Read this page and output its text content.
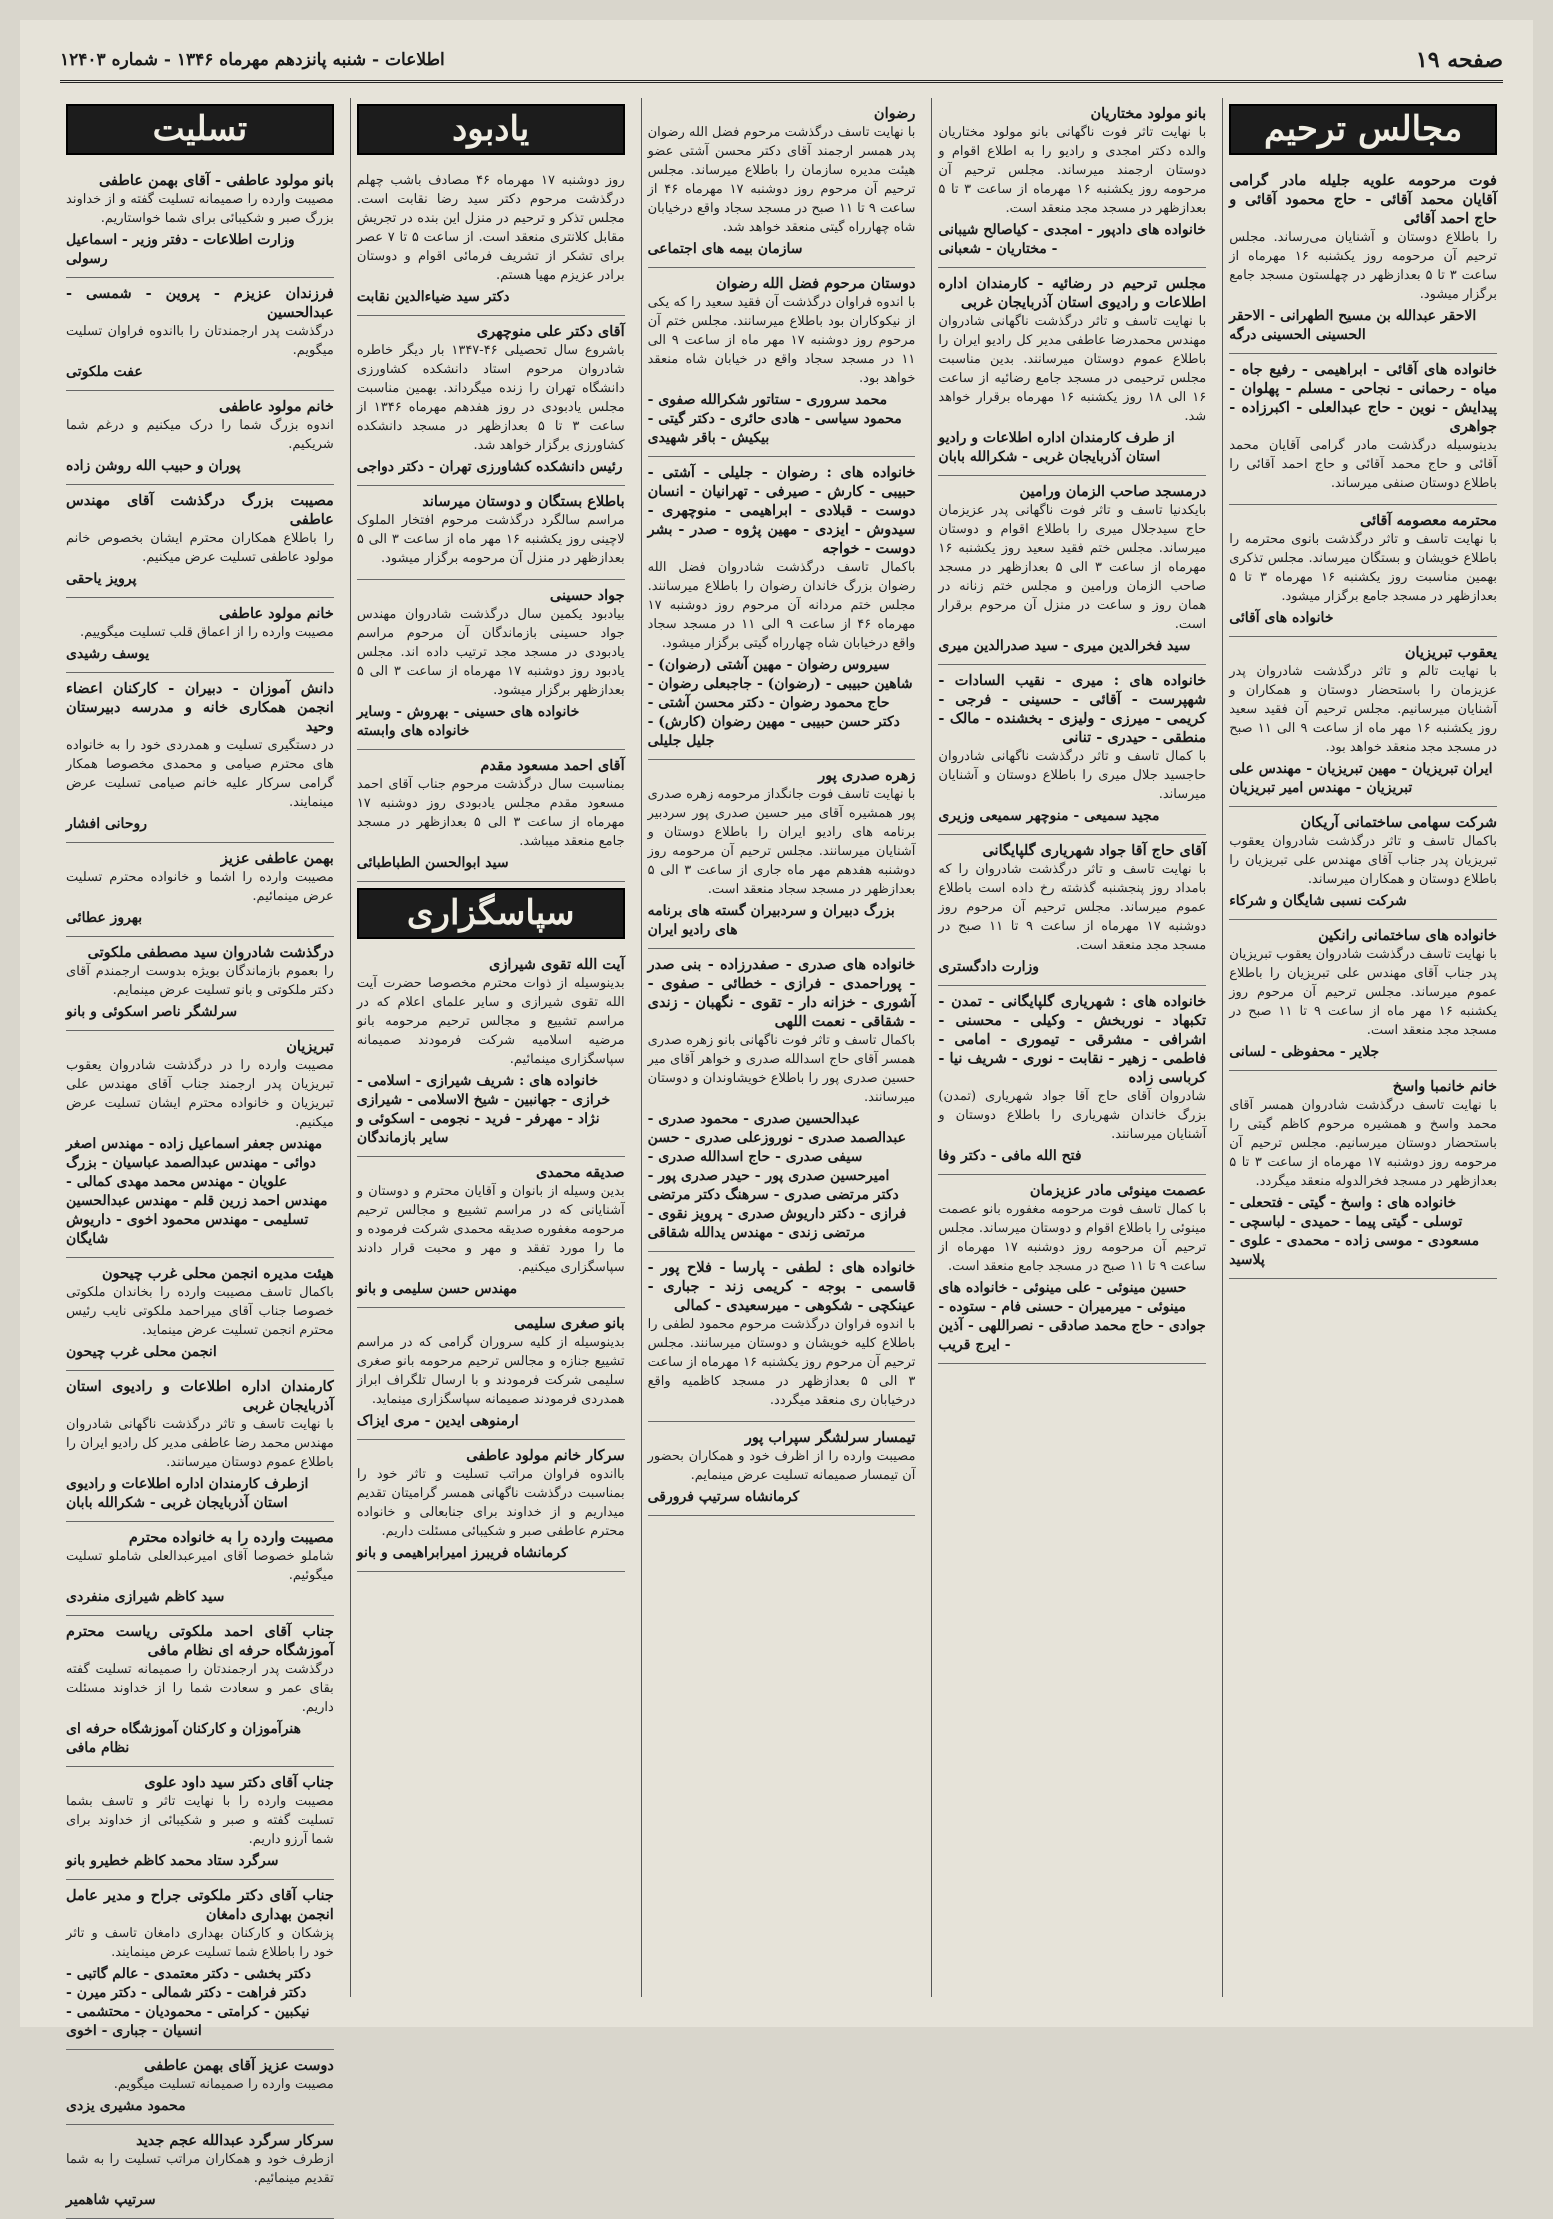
صفحه ۱۹
اطلاعات - شنبه پانزدهم مهرماه ۱۳۴۶ - شماره ۱۲۴۰۳
مجالس ترحیم
فوت مرحومه علویه جلیله مادر گرامی آقایان محمد آقائی - حاج محمود آقائی و حاج احمد آقائی
را باطلاع دوستان و آشنایان می‌رساند. مجلس ترحیم آن مرحومه روز یکشنبه ۱۶ مهرماه از ساعت ۳ تا ۵ بعدازظهر در چهلستون مسجد جامع برگزار میشود.
الاحقر عبدالله بن مسیح الطهرانی - الاحقر الحسینی الحسینی درگه
خانواده های آقائی - ابراهیمی - رفیع جاه - میاه - رحمانی - نجاحی - مسلم - پهلوان - پیدایش - نوین - حاج عبدالعلی - اکبرزاده - جواهری
بدینوسیله درگذشت مادر گرامی آقایان محمد آقائی و حاج محمد آقائی و حاج احمد آقائی را باطلاع دوستان صنفی میرساند.
محترمه معصومه آقائی
با نهایت تاسف و تاثر درگذشت بانوی محترمه را باطلاع خویشان و بستگان میرساند. مجلس تذکری بهمین مناسبت روز یکشنبه ۱۶ مهرماه ۳ تا ۵ بعدازظهر در مسجد جامع برگزار میشود.
خانواده های آقائی
یعقوب تبریزیان
با نهایت تالم و تاثر درگذشت شادروان پدر عزیزمان را باستحضار دوستان و همکاران و آشنایان میرسانیم. مجلس ترحیم آن فقید سعید روز یکشنبه ۱۶ مهر ماه از ساعت ۹ الی ۱۱ صبح در مسجد مجد منعقد خواهد بود.
ایران تبریزیان - مهین تبریزیان - مهندس علی تبریزیان - مهندس امیر تبریزیان
شرکت سهامی ساختمانی آریکان
باکمال تاسف و تاثر درگذشت شادروان یعقوب تبریزیان پدر جناب آقای مهندس علی تبریزیان را باطلاع دوستان و همکاران میرساند.
شرکت نسبی شایگان و شرکاء
خانواده های ساختمانی رانکین
با نهایت تاسف درگذشت شادروان یعقوب تبریزیان پدر جناب آقای مهندس علی تبریزیان را باطلاع عموم میرساند. مجلس ترحیم آن مرحوم روز یکشنبه ۱۶ مهر ماه از ساعت ۹ تا ۱۱ صبح در مسجد مجد منعقد است.
جلایر - محفوظی - لسانی
خانم خانمبا واسخ
با نهایت تاسف درگذشت شادروان همسر آقای محمد واسخ و همشیره مرحوم کاظم گیتی را باستحضار دوستان میرسانیم. مجلس ترحیم آن مرحومه روز دوشنبه ۱۷ مهرماه از ساعت ۳ تا ۵ بعدازظهر در مسجد فخرالدوله منعقد میگردد.
خانواده های : واسخ - گیتی - فتحعلی - توسلی - گیتی پیما - حمیدی - لباسچی - مسعودی - موسی زاده - محمدی - علوی - پلاسید
بانو مولود مختاریان
با نهایت تاثر فوت ناگهانی بانو مولود مختاریان والده دکتر امجدی و رادیو را به اطلاع اقوام و دوستان ارجمند میرساند. مجلس ترحیم آن مرحومه روز یکشنبه ۱۶ مهرماه از ساعت ۳ تا ۵ بعدازظهر در مسجد مجد منعقد است.
خانواده های دادپور - امجدی - کیاصالح شیبانی - مختاریان - شعبانی
مجلس ترحیم در رضائیه - کارمندان اداره اطلاعات و رادیوی استان آذربایجان غربی
با نهایت تاسف و تاثر درگذشت ناگهانی شادروان مهندس محمدرضا عاطفی مدیر کل رادیو ایران را باطلاع عموم دوستان میرسانند. بدین مناسبت مجلس ترحیمی در مسجد جامع رضائیه از ساعت ۱۶ الی ۱۸ روز یکشنبه ۱۶ مهرماه برقرار خواهد شد.
از طرف کارمندان اداره اطلاعات و رادیو استان آذربایجان غربی - شکرالله بابان
درمسجد صاحب الزمان ورامین
بایکدنیا تاسف و تاثر فوت ناگهانی پدر عزیزمان حاج سیدجلال میری را باطلاع اقوام و دوستان میرساند. مجلس ختم فقید سعید روز یکشنبه ۱۶ مهرماه از ساعت ۳ الی ۵ بعدازظهر در مسجد صاحب الزمان ورامین و مجلس ختم زنانه در همان روز و ساعت در منزل آن مرحوم برقرار است.
سید فخرالدین میری - سید صدرالدین میری
خانواده های : میری - نقیب السادات - شهپرست - آقائی - حسینی - فرجی - کریمی - میرزی - ولیزی - بخشنده - مالک - منطقی - حیدری - تنانی
با کمال تاسف و تاثر درگذشت ناگهانی شادروان حاجسید جلال میری را باطلاع دوستان و آشنایان میرساند.
مجید سمیعی - منوچهر سمیعی وزیری
آقای حاج آقا جواد شهریاری گلپایگانی
با نهایت تاسف و تاثر درگذشت شادروان را که بامداد روز پنجشنبه گذشته رخ داده است باطلاع عموم میرساند. مجلس ترحیم آن مرحوم روز دوشنبه ۱۷ مهرماه از ساعت ۹ تا ۱۱ صبح در مسجد مجد منعقد است.
وزارت دادگستری
خانواده های : شهریاری گلپایگانی - تمدن - تکبهاد - نوربخش - وکیلی - محسنی - اشرافی - مشرقی - تیموری - امامی - فاطمی - زهیر - نقابت - نوری - شریف نیا - کرباسی زاده
شادروان آقای حاج آقا جواد شهریاری (تمدن) بزرگ خاندان شهریاری را باطلاع دوستان و آشنایان میرسانند.
فتح الله مافی - دکتر وفا
عصمت مینوئی مادر عزیزمان
با کمال تاسف فوت مرحومه مغفوره بانو عصمت مینوئی را باطلاع اقوام و دوستان میرساند. مجلس ترحیم آن مرحومه روز دوشنبه ۱۷ مهرماه از ساعت ۹ تا ۱۱ صبح در مسجد جامع منعقد است.
حسین مینوئی - علی مینوئی - خانواده های مینوئی - میرمیران - حسنی فام - ستوده - جوادی - حاج محمد صادقی - نصراللهی - آذین - ایرج قریب
رضوان
با نهایت تاسف درگذشت مرحوم فضل الله رضوان پدر همسر ارجمند آقای دکتر محسن آشتی عضو هیئت مدیره سازمان را باطلاع میرساند. مجلس ترحیم آن مرحوم روز دوشنبه ۱۷ مهرماه ۴۶ از ساعت ۹ تا ۱۱ صبح در مسجد سجاد واقع درخیابان شاه چهارراه گیتی منعقد خواهد شد.
سازمان بیمه های اجتماعی
دوستان مرحوم فضل الله رضوان
با اندوه فراوان درگذشت آن فقید سعید را که یکی از نیکوکاران بود باطلاع میرسانند. مجلس ختم آن مرحوم روز دوشنبه ۱۷ مهر ماه از ساعت ۹ الی ۱۱ در مسجد سجاد واقع در خیابان شاه منعقد خواهد بود.
محمد سروری - ستاتور شکرالله صفوی - محمود سیاسی - هادی حائری - دکتر گیتی - بیکیش - باقر شهیدی
خانواده های : رضوان - جلیلی - آشتی - حبیبی - کارش - صیرفی - تهرانیان - انسان دوست - قبلادی - ابراهیمی - منوچهری - سیدوش - ایزدی - مهین پژوه - صدر - بشر دوست - خواجه
باکمال تاسف درگذشت شادروان فضل الله رضوان بزرگ خاندان رضوان را باطلاع میرسانند. مجلس ختم مردانه آن مرحوم روز دوشنبه ۱۷ مهرماه ۴۶ از ساعت ۹ الی ۱۱ در مسجد سجاد واقع درخیابان شاه چهارراه گیتی برگزار میشود.
سیروس رضوان - مهین آشتی (رضوان) - شاهین حبیبی - (رضوان) - جاجبعلی رضوان - حاج محمود رضوان - دکتر محسن آشتی - دکتر حسن حبیبی - مهین رضوان (کارش) - جلیل جلیلی
زهره صدری پور
با نهایت تاسف فوت جانگداز مرحومه زهره صدری پور همشیره آقای میر حسین صدری پور سردبیر برنامه های رادیو ایران را باطلاع دوستان و آشنایان میرسانند. مجلس ترحیم آن مرحومه روز دوشنبه هفدهم مهر ماه جاری از ساعت ۳ الی ۵ بعدازظهر در مسجد سجاد منعقد است.
بزرگ دبیران و سردبیران گسته های برنامه های رادیو ایران
خانواده های صدری - صفدرزاده - بنی صدر - پوراحمدی - فرازی - خطائی - صفوی - آشوری - خزانه دار - تقوی - نگهبان - زندی - شقاقی - نعمت اللهی
باکمال تاسف و تاثر فوت ناگهانی بانو زهره صدری همسر آقای حاج اسدالله صدری و خواهر آقای میر حسین صدری پور را باطلاع خویشاوندان و دوستان میرسانند.
عبدالحسین صدری - محمود صدری - عبدالصمد صدری - نوروزعلی صدری - حسن سیفی صدری - حاج اسدالله صدری - امیرحسین صدری پور - حیدر صدری پور - دکتر مرتضی صدری - سرهنگ دکتر مرتضی فرازی - دکتر داریوش صدری - پرویز نقوی - مرتضی زندی - مهندس یدالله شقاقی
خانواده های : لطفی - پارسا - فلاح پور - قاسمی - بوجه - کریمی زند - جباری - عینکچی - شکوهی - میرسعیدی - کمالی
با اندوه فراوان درگذشت مرحوم محمود لطفی را باطلاع کلیه خویشان و دوستان میرسانند. مجلس ترحیم آن مرحوم روز یکشنبه ۱۶ مهرماه از ساعت ۳ الی ۵ بعدازظهر در مسجد کاظمیه واقع درخیابان ری منعقد میگردد.
تیمسار سرلشگر سپراب پور
مصیبت وارده را از اظرف خود و همکاران بحضور آن تیمسار صمیمانه تسلیت عرض مینمایم.
کرمانشاه سرتیپ فرورقی
یادبود
روز دوشنبه ۱۷ مهرماه ۴۶ مصادف باشب چهلم درگذشت مرحوم دکتر سید رضا نقابت است. مجلس تذکر و ترحیم در منزل این بنده در تجریش مقابل کلانتری منعقد است. از ساعت ۵ تا ۷ عصر برای تشکر از تشریف فرمائی اقوام و دوستان برادر عزیزم مهیا هستم.
دکتر سید ضیاءالدین نقابت
آقای دکتر علی منوچهری
باشروع سال تحصیلی ۴۶-۱۳۴۷ بار دیگر خاطره شادروان مرحوم استاد دانشکده کشاورزی دانشگاه تهران را زنده میگرداند. بهمین مناسبت مجلس یادبودی در روز هفدهم مهرماه ۱۳۴۶ از ساعت ۳ تا ۵ بعدازظهر در مسجد دانشکده کشاورزی برگزار خواهد شد.
رئیس دانشکده کشاورزی تهران - دکتر دواجی
باطلاع بستگان و دوستان میرساند
مراسم سالگرد درگذشت مرحوم افتخار الملوک لاچینی روز یکشنبه ۱۶ مهر ماه از ساعت ۳ الی ۵ بعدازظهر در منزل آن مرحومه برگزار میشود.
جواد حسینی
بیادبود یکمین سال درگذشت شادروان مهندس جواد حسینی بازماندگان آن مرحوم مراسم یادبودی در مسجد مجد ترتیب داده اند. مجلس یادبود روز دوشنبه ۱۷ مهرماه از ساعت ۳ الی ۵ بعدازظهر برگزار میشود.
خانواده های حسینی - بهروش - وسایر خانواده های وابسته
آقای احمد مسعود مقدم
بمناسبت سال درگذشت مرحوم جناب آقای احمد مسعود مقدم مجلس یادبودی روز دوشنبه ۱۷ مهرماه از ساعت ۳ الی ۵ بعدازظهر در مسجد جامع منعقد میباشد.
سید ابوالحسن الطباطبائی
سپاسگزاری
آیت الله تقوی شیرازی
بدینوسیله از ذوات محترم مخصوصا حضرت آیت الله تقوی شیرازی و سایر علمای اعلام که در مراسم تشییع و مجالس ترحیم مرحومه بانو مرضیه اسلامیه شرکت فرمودند صمیمانه سپاسگزاری مینمائیم.
خانواده های : شریف شیرازی - اسلامی - خرازی - جهانبین - شیخ الاسلامی - شیرازی نژاد - مهرفر - فرید - نجومی - اسکوئی و سایر بازماندگان
صدیقه محمدی
بدین وسیله از بانوان و آقایان محترم و دوستان و آشنایانی که در مراسم تشییع و مجالس ترحیم مرحومه مغفوره صدیقه محمدی شرکت فرموده و ما را مورد تفقد و مهر و محبت قرار دادند سپاسگزاری میکنیم.
مهندس حسن سلیمی و بانو
بانو صغری سلیمی
بدینوسیله از کلیه سروران گرامی که در مراسم تشییع جنازه و مجالس ترحیم مرحومه بانو صغری سلیمی شرکت فرمودند و با ارسال تلگراف ابراز همدردی فرمودند صمیمانه سپاسگزاری مینماید.
ارمنوهی ایدین - مری ایزاک
سرکار خانم مولود عاطفی
بااندوه فراوان مراتب تسلیت و تاثر خود را بمناسبت درگذشت ناگهانی همسر گرامیتان تقدیم میداریم و از خداوند برای جنابعالی و خانواده محترم عاطفی صبر و شکیبائی مسئلت داریم.
کرمانشاه فریبرز امیرابراهیمی و بانو
تسلیت
بانو مولود عاطفی - آقای بهمن عاطفی
مصیبت وارده را صمیمانه تسلیت گفته و از خداوند بزرگ صبر و شکیبائی برای شما خواستاریم.
وزارت اطلاعات - دفتر وزیر - اسماعیل رسولی
فرزندان عزیزم - پروین - شمسی - عبدالحسین
درگذشت پدر ارجمندتان را بااندوه فراوان تسلیت میگویم.
عفت ملکوتی
خانم مولود عاطفی
اندوه بزرگ شما را درک میکنیم و درغم شما شریکیم.
پوران و حبیب الله روشن زاده
مصیبت بزرگ درگذشت آقای مهندس عاطفی
را باطلاع همکاران محترم ایشان بخصوص خانم مولود عاطفی تسلیت عرض میکنیم.
پرویز یاحقی
خانم مولود عاطفی
مصیبت وارده را از اعماق قلب تسلیت میگوییم.
یوسف رشیدی
دانش آموزان - دبیران - کارکنان اعضاء انجمن همکاری خانه و مدرسه دبیرستان وحید
در دستگیری تسلیت و همدردی خود را به خانواده های محترم صیامی و محمدی مخصوصا همکار گرامی سرکار علیه خانم صیامی تسلیت عرض مینمایند.
روحانی افشار
بهمن عاطفی عزیز
مصیبت وارده را اشما و خانواده محترم تسلیت عرض مینمائیم.
بهروز عطائی
درگذشت شادروان سید مصطفی ملکوتی
را بعموم بازماندگان بویژه بدوست ارجمندم آقای دکتر ملکوتی و بانو تسلیت عرض مینمایم.
سرلشگر ناصر اسکوئی و بانو
تبریزیان
مصیبت وارده را در درگذشت شادروان یعقوب تبریزیان پدر ارجمند جناب آقای مهندس علی تبریزیان و خانواده محترم ایشان تسلیت عرض میکنیم.
مهندس جعفر اسماعیل زاده - مهندس اصغر دوائی - مهندس عبدالصمد عباسیان - بزرگ علویان - مهندس محمد مهدی کمالی - مهندس احمد زرین قلم - مهندس عبدالحسین تسلیمی - مهندس محمود اخوی - داریوش شایگان
هیئت مدیره انجمن محلی غرب چیحون
باکمال تاسف مصیبت وارده را بخاندان ملکوتی خصوصا جناب آقای میراحمد ملکوتی نایب رئیس محترم انجمن تسلیت عرض مینماید.
انجمن محلی غرب چیحون
کارمندان اداره اطلاعات و رادیوی استان آذربایجان غربی
با نهایت تاسف و تاثر درگذشت ناگهانی شادروان مهندس محمد رضا عاطفی مدیر کل رادیو ایران را باطلاع عموم دوستان میرسانند.
ازطرف کارمندان اداره اطلاعات و رادیوی استان آذربایجان غربی - شکرالله بابان
مصیبت وارده را به خانواده محترم
شاملو خصوصا آقای امیرعبدالعلی شاملو تسلیت میگوئیم.
سید کاظم شیرازی منفردی
جناب آقای احمد ملکوتی ریاست محترم آموزشگاه حرفه ای نظام مافی
درگذشت پدر ارجمندتان را صمیمانه تسلیت گفته بقای عمر و سعادت شما را از خداوند مسئلت داریم.
هنرآموزان و کارکنان آموزشگاه حرفه ای نظام مافی
جناب آقای دکتر سید داود علوی
مصیبت وارده را با نهایت تاثر و تاسف بشما تسلیت گفته و صبر و شکیبائی از خداوند برای شما آرزو داریم.
سرگرد ستاد محمد کاظم خطیرو بانو
جناب آقای دکتر ملکوتی جراح و مدیر عامل انجمن بهداری دامغان
پزشکان و کارکنان بهداری دامغان تاسف و تاثر خود را باطلاع شما تسلیت عرض مینمایند.
دکتر بخشی - دکتر معتمدی - عالم گاتبی - دکتر فراهت - دکتر شمالی - دکتر میرن - نیکبین - کرامتی - محمودیان - محتشمی - انسیان - جباری - اخوی
دوست عزیز آقای بهمن عاطفی
مصیبت وارده را صمیمانه تسلیت میگویم.
محمود مشیری یزدی
سرکار سرگرد عبدالله عجم جدید
ازطرف خود و همکاران مراتب تسلیت را به شما تقدیم مینمائیم.
سرتیپ شاهمیر
